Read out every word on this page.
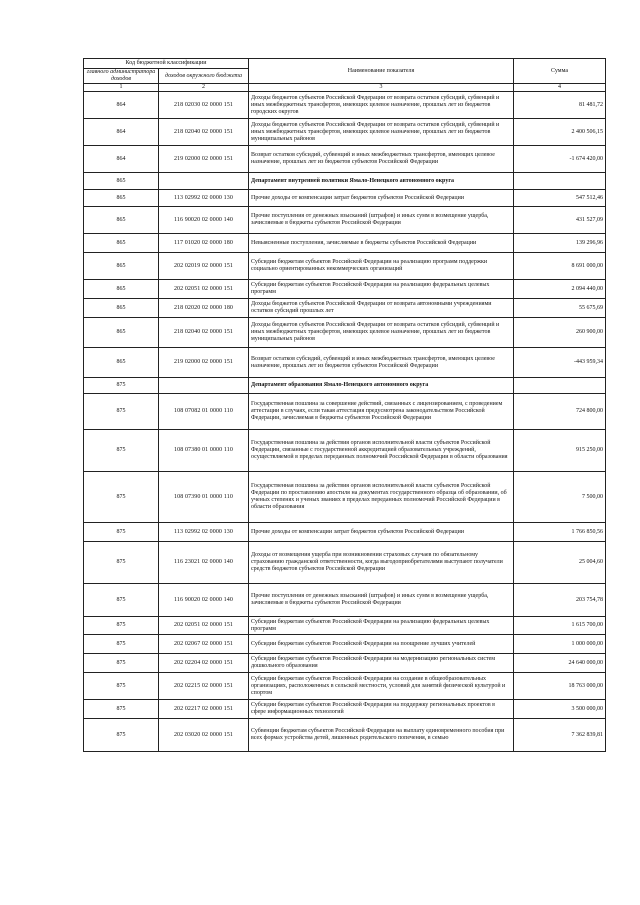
Код бюджетной классификации		Наименование показателя	Сумма
главного администратора доходов	доходов окружного бюджета		
1	2	3	4
864	218 02030 02 0000 151	Доходы бюджетов субъектов Российской Федерации от возврата остатков субсидий, субвенций и иных межбюджетных трансфертов, имеющих целевое назначение, прошлых лет из бюджетов городских округов	81 481,72
864	218 02040 02 0000 151	Доходы бюджетов субъектов Российской Федерации от возврата остатков субсидий, субвенций и иных межбюджетных трансфертов, имеющих целевое назначение, прошлых лет из бюджетов муниципальных районов	2 400 506,15
864	219 02000 02 0000 151	Возврат остатков субсидий, субвенций и иных межбюджетных трансфертов, имеющих целевое назначение, прошлых лет из бюджетов субъектов Российской Федерации	-1 674 420,00
865		Департамент внутренней политики Ямало-Ненецкого автономного округа	
865	113 02992 02 0000 130	Прочие доходы от компенсации затрат бюджетов субъектов Российской Федерации	547 512,46
865	116 90020 02 0000 140	Прочие поступления от денежных взысканий (штрафов) и иных сумм в возмещение ущерба, зачисляемые в бюджеты субъектов Российской Федерации	431 527,09
865	117 01020 02 0000 180	Невыясненные поступления, зачисляемые в бюджеты субъектов Российской Федерации	139 296,96
865	202 02019 02 0000 151	Субсидии бюджетам субъектов Российской Федерации на реализацию программ поддержки социально ориентированных некоммерческих организаций	8 691 000,00
865	202 02051 02 0000 151	Субсидии бюджетам субъектов Российской Федерации на реализацию федеральных целевых программ	2 094 440,00
865	218 02020 02 0000 180	Доходы бюджетов субъектов Российской Федерации от возврата автономными учреждениями остатков субсидий прошлых лет	55 675,69
865	218 02040 02 0000 151	Доходы бюджетов субъектов Российской Федерации от возврата остатков субсидий, субвенций и иных межбюджетных трансфертов, имеющих целевое назначение, прошлых лет из бюджетов муниципальных районов	260 900,00
865	219 02000 02 0000 151	Возврат остатков субсидий, субвенций и иных межбюджетных трансфертов, имеющих целевое назначение, прошлых лет из бюджетов субъектов Российской Федерации	-443 959,34
875		Департамент образования Ямало-Ненецкого автономного округа	
875	108 07082 01 0000 110	Государственная пошлина за совершение действий, связанных с лицензированием, с проведением аттестации в случаях, если такая аттестация предусмотрена законодательством Российской Федерации, зачисляемая в бюджеты субъектов Российской Федерации	724 800,00
875	108 07380 01 0000 110	Государственная пошлина за действия органов исполнительной власти субъектов Российской Федерации, связанные с государственной аккредитацией образовательных учреждений, осуществляемой в пределах переданных полномочий Российской Федерации в области образования	915 250,00
875	108 07390 01 0000 110	Государственная пошлина за действия органов исполнительной власти субъектов Российской Федерации по проставлению апостиля на документах государственного образца об образовании, об ученых степенях и ученых званиях в пределах переданных полномочий Российской Федерации в области образования	7 500,00
875	113 02992 02 0000 130	Прочие доходы от компенсации затрат бюджетов субъектов Российской Федерации	1 766 850,56
875	116 23021 02 0000 140	Доходы от возмещения ущерба при возникновении страховых случаев по обязательному страхованию гражданской ответственности, когда выгодоприобретателями выступают получатели средств бюджетов субъектов Российской Федерации	25 004,60
875	116 90020 02 0000 140	Прочие поступления от денежных взысканий (штрафов) и иных сумм в возмещение ущерба, зачисляемые в бюджеты субъектов Российской Федерации	203 754,78
875	202 02051 02 0000 151	Субсидии бюджетам субъектов Российской Федерации на реализацию федеральных целевых программ	1 615 700,00
875	202 02067 02 0000 151	Субсидии бюджетам субъектов Российской Федерации на поощрение лучших учителей	1 000 000,00
875	202 02204 02 0000 151	Субсидии бюджетам субъектов Российской Федерации на модернизацию региональных систем дошкольного образования	24 640 000,00
875	202 02215 02 0000 151	Субсидии бюджетам субъектов Российской Федерации на создание в общеобразовательных организациях, расположенных в сельской местности, условий для занятий физической культурой и спортом	18 763 000,00
875	202 02217 02 0000 151	Субсидии бюджетам субъектов Российской Федерации на поддержку региональных проектов в сфере информационных технологий	3 500 000,00
875	202 03020 02 0000 151	Субвенции бюджетам субъектов Российской Федерации на выплату единовременного пособия при всех формах устройства детей, лишенных родительского попечения, в семью	7 362 839,81
